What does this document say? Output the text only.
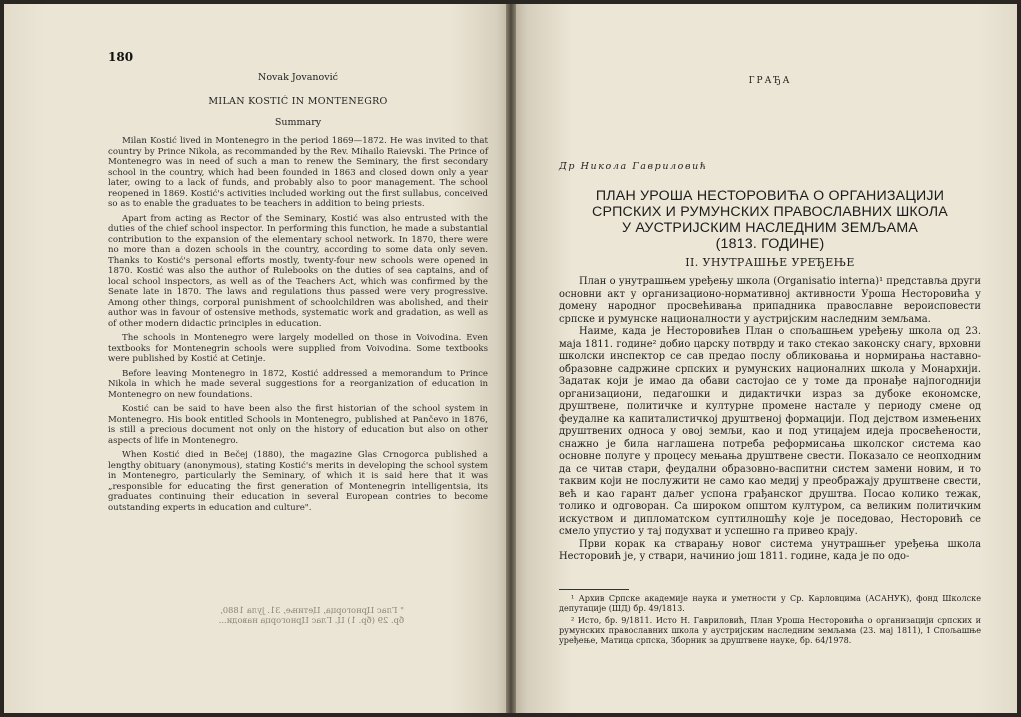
180
Novak Jovanović
MILAN KOSTIĆ IN MONTENEGRO
Summary

Milan Kostić lived in Montenegro in the period 1869—1872. He was invited to that country by Prince Nikola, as recommanded by the Rev. Mihailo Raievski. The Prince of Montenegro was in need of such a man to renew the Seminary, the first secondary school in the country, which had been founded in 1863 and closed down only a year later, owing to a lack of funds, and probably also to poor management. The school reopened in 1869. Kostić's activities included working out the first sullabus, conceived so as to enable the graduates to be teachers in addition to being priests.

Apart from acting as Rector of the Seminary, Kostić was also entrusted with the duties of the chief school inspector. In performing this function, he made a substantial contribution to the expansion of the elementary school network. In 1870, there were no more than a dozen schools in the country, according to some data only seven. Thanks to Kostić's personal efforts mostly, twenty-four new schools were opened in 1870. Kostić was also the author of Rulebooks on the duties of sea captains, and of local school inspectors, as well as of the Teachers Act, which was confirmed by the Senate late in 1870. The laws and regulations thus passed were very progressive. Among other things, corporal punishment of schoolchildren was abolished, and their author was in favour of ostensive methods, systematic work and gradation, as well as of other modern didactic principles in education.

The schools in Montenegro were largely modelled on those in Voivodina. Even textbooks for Montenegrin schools were supplied from Voivodina. Some textbooks were published by Kostić at Cetinje.

Before leaving Montenegro in 1872, Kostić addressed a memorandum to Prince Nikola in which he made several suggestions for a reorganization of education in Montenegro on new foundations.

Kostić can be said to have been also the first historian of the school system in Montenegro. His book entitled Schools in Montenegro, published at Pančevo in 1876, is still a precious document not only on the history of education but also on other aspects of life in Montenegro.

When Kostić died in Bečej (1880), the magazine Glas Crnogorca published a lengthy obituary (anonymous), stating Kostić's merits in developing the school system in Montenegro, particularly the Seminary, of which it is said here that it was „responsible for educating the first generation of Montenegrin intelligentsia, its graduates continuing their education in several European contries to become outstanding experts in education and culture".

" Глас Црногорца, Цетиње, 31. јула 1880, бр. 29 (бр. 1) Ц. Глас Црногорца наводи...
ГРАЂА
Др Никола Гавриловић
ПЛАН УРОША НЕСТОРОВИЋА О ОРГАНИЗАЦИЈИ
СРПСКИХ И РУМУНСКИХ ПРАВОСЛАВНИХ ШКОЛА
У АУСТРИЈСКИМ НАСЛЕДНИМ ЗЕМЉАМА
(1813. ГОДИНЕ)
II. УНУТРАШЊЕ УРЕЂЕЊЕ

План о унутрашњем уређењу школа (Organisatio interna)¹ представља други основни акт у организационо-нормативној активности Уроша Несторовића у домену народног просвећивања припадника православне вероисповести српске и румунске националности у аустријским наследним земљама.

Наиме, када је Несторовићев План о спољашњем уређењу школа од 23. маја 1811. године² добио царску потврду и тако стекао законску снагу, врховни школски инспектор се сав предао послу обликовања и нормирања наставно-образовне садржине српских и румунских националних школа у Монархији. Задатак који је имао да обави састојао се у томе да пронађе најпогоднији организациони, педагошки и дидактички израз за дубоке економске, друштвене, политичке и културне промене настале у периоду смене од феудалне ка капиталистичкој друштвеној формацији. Под дејством измењених друштвених односа у овој земљи, као и под утицајем идеја просвећености, снажно је била наглашена потреба реформисања школског система као основне полуге у процесу мењања друштвене свести. Показало се неопходним да се читав стари, феудални образовно-васпитни систем замени новим, и то таквим који не послужити не само као медиј у преображају друштвене свести, већ и као гарант даљег успона грађанског друштва. Посао колико тежак, толико и одговоран. Са широком општом културом, са великим политичким искуством и дипломатском суптилношћу које је поседовао, Несторовић се смело упустио у тај подухват и успешно га привео крају.

Први корак ка стварању новог система унутрашњег уређења школа Несторовић је, у ствари, начинио још 1811. године, када је по одо-

¹ Архив Српске академије наука и уметности у Ср. Карловцима (АСАНУК), фонд Школске депутације (ШД) бр. 49/1813.

² Исто, бр. 9/1811. Исто Н. Гавриловић, План Уроша Несторовића о организацији српских и румунских православних школа у аустријским наследним земљама (23. мај 1811), I Спољашње уређење, Матица српска, Зборник за друштвене науке, бр. 64/1978.
